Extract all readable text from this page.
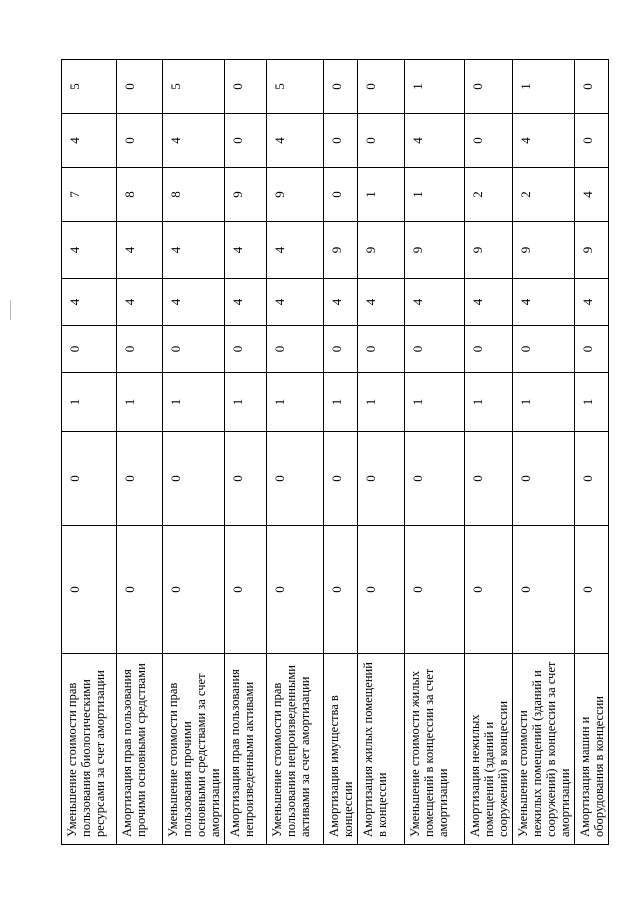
Уменьшение стоимости прав пользования биологическими ресурсами за счет амортизации	0	0	1	0	4	4	7	4	5	
Амортизация прав пользования прочими основными средствами	0	0	1	0	4	4	8	0	0	
Уменьшение стоимости прав пользования прочими основными средствами за счет амортизации	0	0	1	0	4	4	8	4	5	
Амортизация прав пользования непроизведенными активами	0	0	1	0	4	4	9	0	0	
Уменьшение стоимости прав пользования непроизведенными активами за счет амортизации	0	0	1	0	4	4	9	4	5	
Амортизация имущества в концессии	0	0	1	0	4	9	0	0	0	
Амортизация жилых помещений в концессии	0	0	1	0	4	9	1	0	0	
Уменьшение стоимости жилых помещений в концессии за счет амортизации	0	0	1	0	4	9	1	4	1	
Амортизация нежилых помещений (зданий и сооружений) в концессии	0	0	1	0	4	9	2	0	0	
Уменьшение стоимости нежилых помещений (зданий и сооружений) в концессии за счет амортизации	0	0	1	0	4	9	2	4	1	
Амортизация машин и оборудования в концессии	0	0	1	0	4	9	4	0	0	
